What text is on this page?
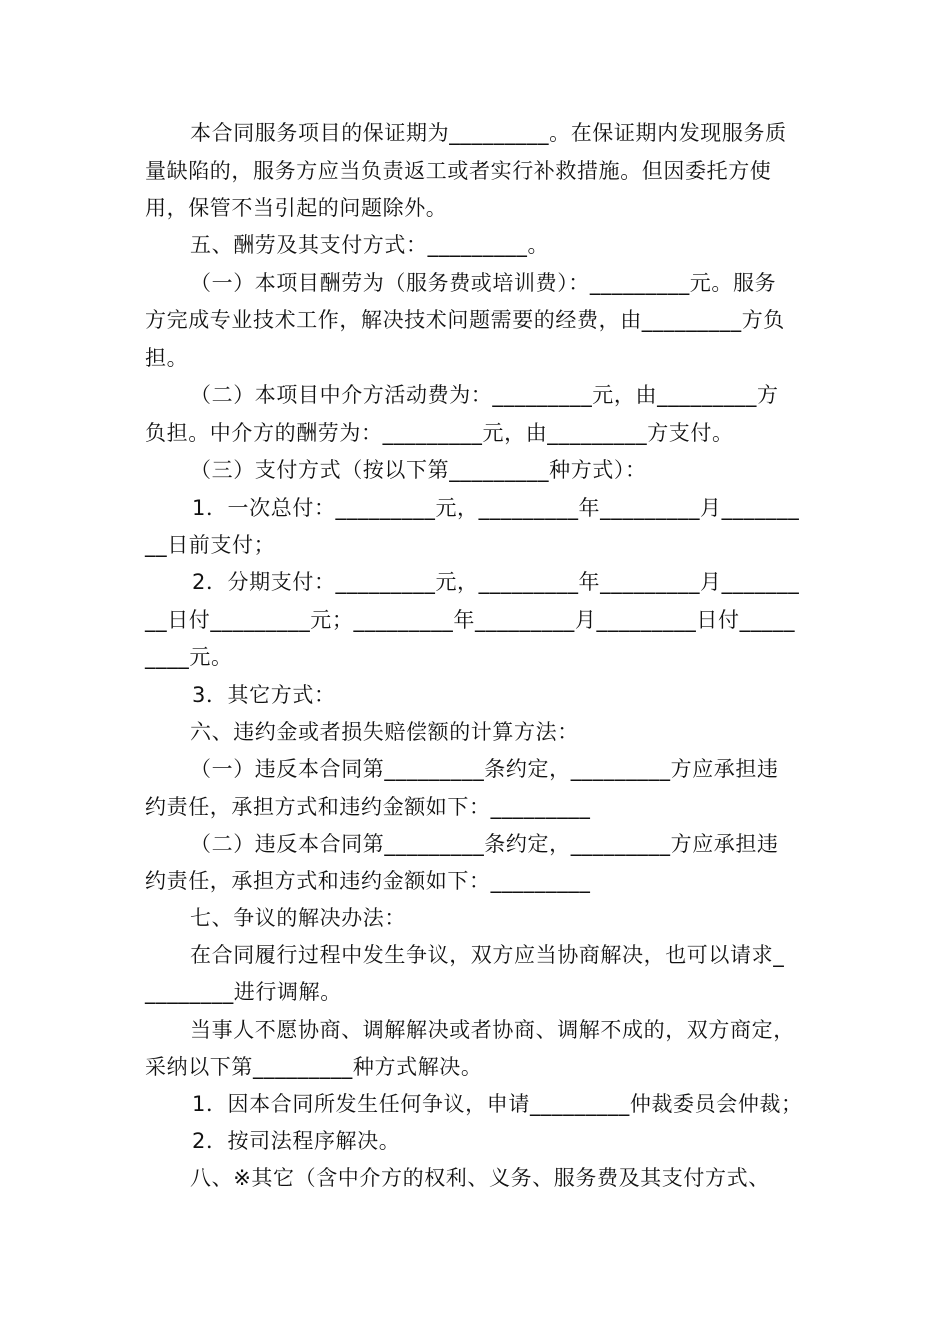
本合同服务项目的保证期为_________。在保证期内发现服务质
量缺陷的，服务方应当负责返工或者实行补救措施。但因委托方使
用，保管不当引起的问题除外。
五、酬劳及其支付方式：_________。
（一）本项目酬劳为（服务费或培训费）：_________元。服务
方完成专业技术工作，解决技术问题需要的经费，由_________方负
担。
（二）本项目中介方活动费为：_________元，由_________方
负担。中介方的酬劳为：_________元，由_________方支付。
（三）支付方式（按以下第_________种方式）：
1．一次总付：_________元，_________年_________月_______
__日前支付；
2．分期支付：_________元，_________年_________月_______
__日付_________元；_________年_________月_________日付_____
____元。
3．其它方式：
六、违约金或者损失赔偿额的计算方法：
（一）违反本合同第_________条约定，_________方应承担违
约责任，承担方式和违约金额如下：_________
（二）违反本合同第_________条约定，_________方应承担违
约责任，承担方式和违约金额如下：_________
七、争议的解决办法：
在合同履行过程中发生争议，双方应当协商解决，也可以请求_
________进行调解。
当事人不愿协商、调解解决或者协商、调解不成的，双方商定，
采纳以下第_________种方式解决。
1．因本合同所发生任何争议，申请_________仲裁委员会仲裁；
2．按司法程序解决。
八、※其它（含中介方的权利、义务、服务费及其支付方式、
